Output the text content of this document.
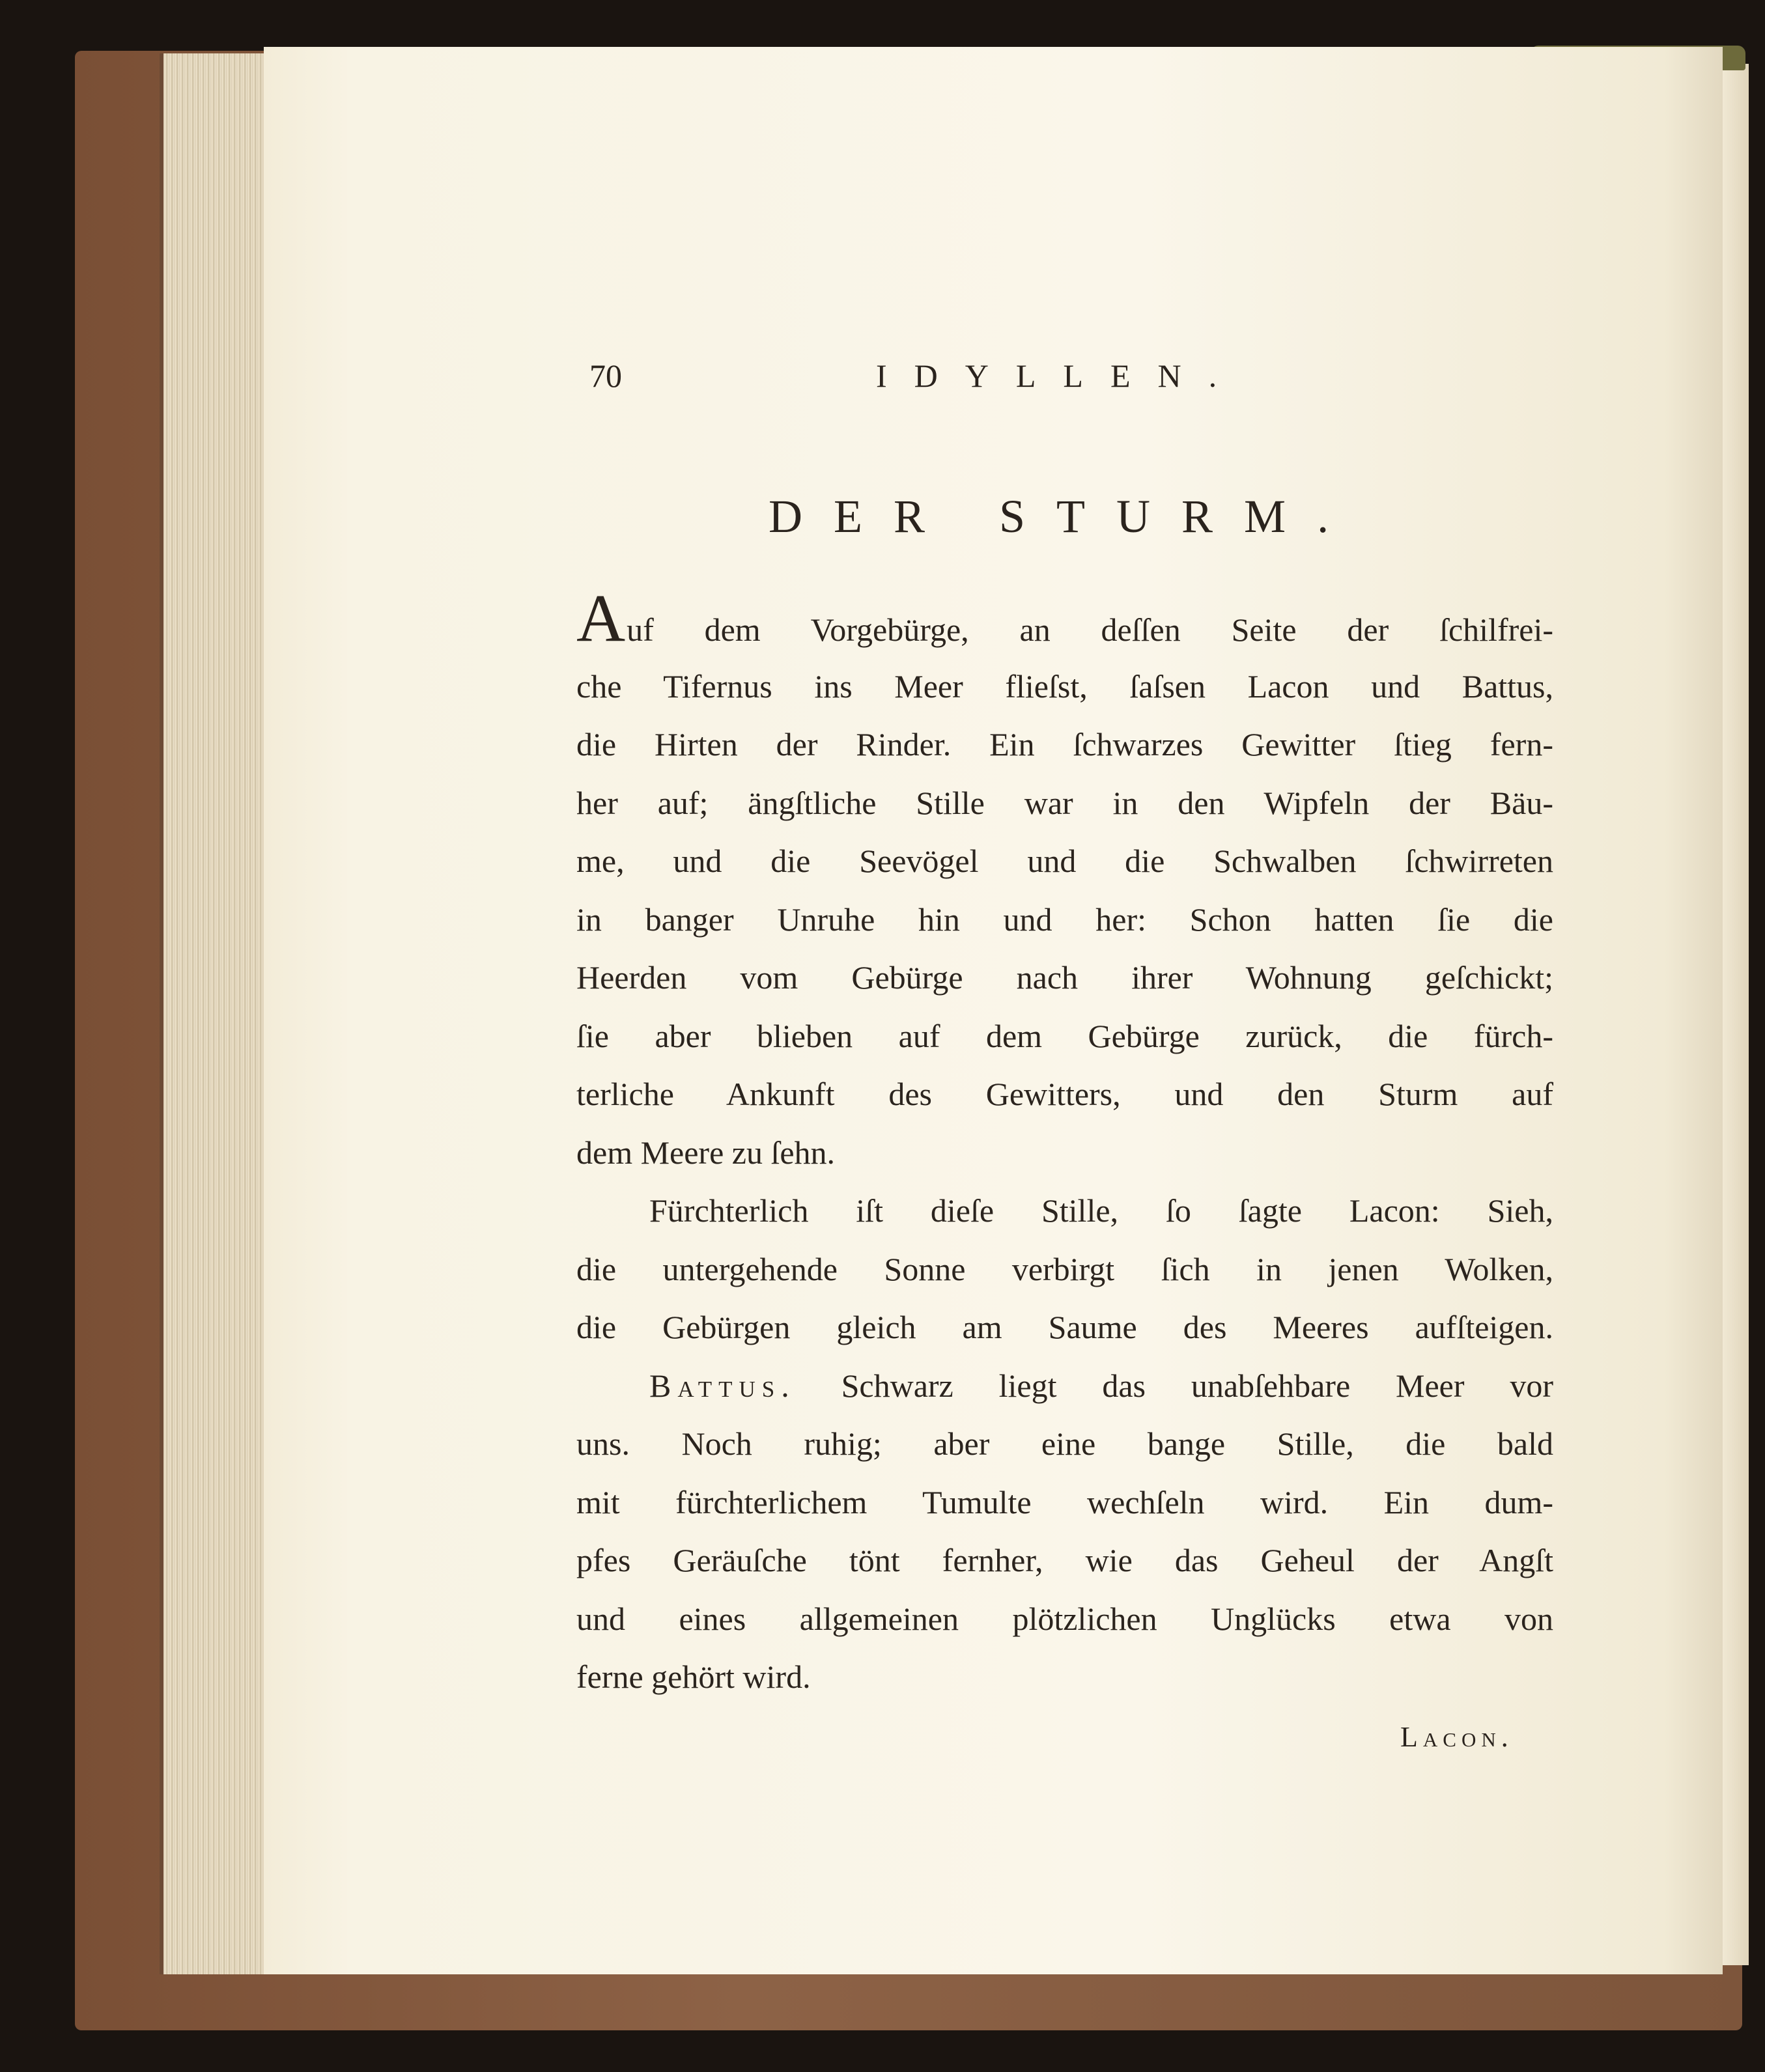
70	IDYLLEN.
DER STURM.
Auf dem Vorgebürge, an deſſen Seite der ſchilfrei-
che Tifernus ins Meer flieſst, ſaſsen Lacon und Battus,
die Hirten der Rinder. Ein ſchwarzes Gewitter ſtieg fern-
her auf; ängſtliche Stille war in den Wipfeln der Bäu-
me, und die Seevögel und die Schwalben ſchwirreten
in banger Unruhe hin und her: Schon hatten ſie die
Heerden vom Gebürge nach ihrer Wohnung geſchickt;
ſie aber blieben auf dem Gebürge zurück, die fürch-
terliche Ankunft des Gewitters, und den Sturm auf
dem Meere zu ſehn.
Fürchterlich iſt dieſe Stille, ſo ſagte Lacon: Sieh,
die untergehende Sonne verbirgt ſich in jenen Wolken,
die Gebürgen gleich am Saume des Meeres aufſteigen.
Battus. Schwarz liegt das unabſehbare Meer vor
uns. Noch ruhig; aber eine bange Stille, die bald
mit fürchterlichem Tumulte wechſeln wird. Ein dum-
pfes Geräuſche tönt fernher, wie das Geheul der Angſt
und eines allgemeinen plötzlichen Unglücks etwa von
ferne gehört wird.
Lacon.
